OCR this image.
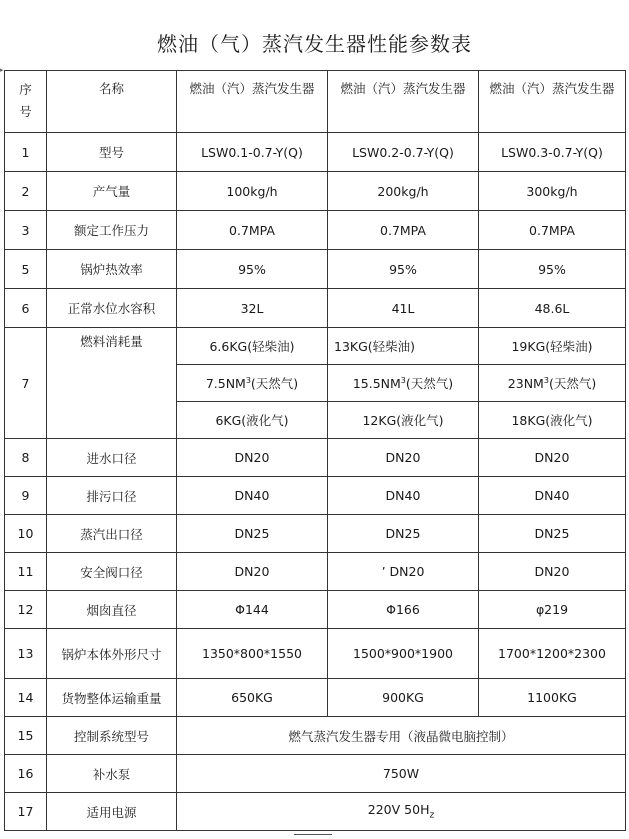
▸
燃油（气）蒸汽发生器性能参数表
序号	名称	燃油（汽）蒸汽发生器	燃油（汽）蒸汽发生器	燃油（汽）蒸汽发生器
1	型号	LSW0.1-0.7-Y(Q)	LSW0.2-0.7-Y(Q)	LSW0.3-0.7-Y(Q)
2	产气量	100kg/h	200kg/h	300kg/h
3	额定工作压力	0.7MPA	0.7MPA	0.7MPA
5	锅炉热效率	95%	95%	95%
6	正常水位水容积	32L	41L	48.6L
7	燃料消耗量	6.6KG(轻柴油)	13KG(轻柴油)	19KG(轻柴油)
		$7.5NM^3$(天然气)	$15.5NM^3$(天然气)	$23NM^3$(天然气)
		6KG(液化气)	12KG(液化气)	18KG(液化气)
8	进水口径	DN20	DN20	DN20
9	排污口径	DN40	DN40	DN40
10	蒸汽出口径	DN25	DN25	DN25
11	安全阀口径	DN20	’ DN20	DN20
12	烟囱直径	Φ144	Φ166	φ219
13	锅炉本体外形尺寸	1350*800*1550	1500*900*1900	1700*1200*2300
14	货物整体运输重量	650KG	900KG	1100KG
15	控制系统型号	燃气蒸汽发生器专用（液晶微电脑控制）		
16	补水泵	750W		
17	适用电源	220V $50H_z$
